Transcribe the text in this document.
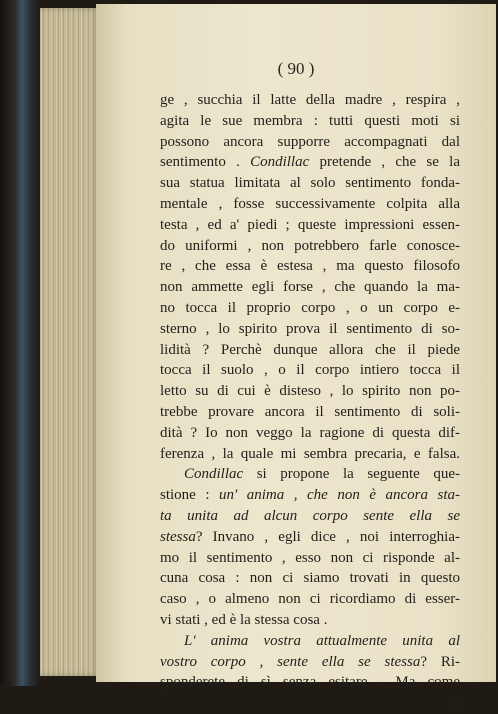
( 90 )
ge , succhia il latte della madre , respira ,
agita le sue membra : tutti questi moti si
possono ancora supporre accompagnati dal
sentimento . Condillac pretende , che se la
sua statua limitata al solo sentimento fonda-
mentale , fosse successivamente colpita alla
testa , ed a' piedi ; queste impressioni essen-
do uniformi , non potrebbero farle conosce-
re , che essa è estesa , ma questo filosofo
non ammette egli forse , che quando la ma-
no tocca il proprio corpo , o un corpo e-
sterno , lo spirito prova il sentimento di so-
lidità ? Perchè dunque allora che il piede
tocca il suolo , o il corpo intiero tocca il
letto su di cui è disteso , lo spirito non po-
trebbe provare ancora il sentimento di soli-
dità ? Io non veggo la ragione di questa dif-
ferenza , la quale mi sembra precaria, e falsa.
Condillac si propone la seguente que-
stione : un' anima , che non è ancora sta-
ta unita ad alcun corpo sente ella se
stessa? Invano , egli dice , noi interroghia-
mo il sentimento , esso non ci risponde al-
cuna cosa : non ci siamo trovati in questo
caso , o almeno non ci ricordiamo di esser-
vi stati , ed è la stessa cosa .
L' anima vostra attualmente unita al
vostro corpo , sente ella se stessa? Ri-
sponderete di sì senza esitare . Ma come
si
